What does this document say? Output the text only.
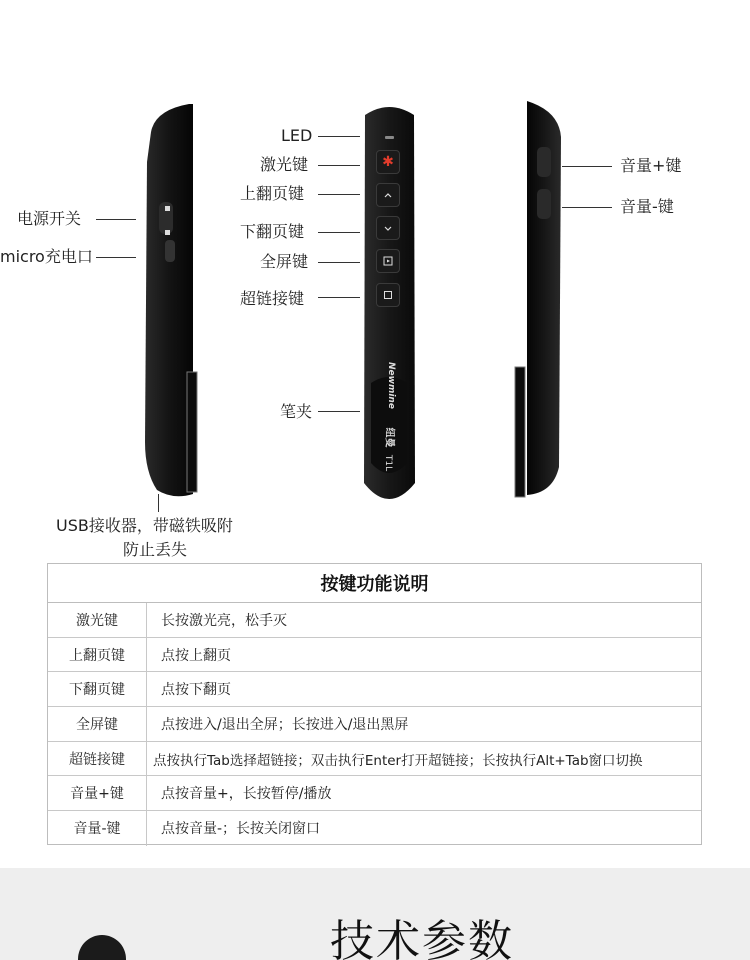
Newmine
纽曼
T1L
✱
LED
激光键
上翻页键
下翻页键
全屏键
超链接键
笔夹
电源开关
micro充电口
USB接收器，带磁铁吸附
防止丢失
音量+键
音量-键
按键功能说明
激光键	长按激光亮，松手灭
上翻页键	点按上翻页
下翻页键	点按下翻页
全屏键	点按进入/退出全屏；长按进入/退出黑屏
超链接键	点按执行Tab选择超链接；双击执行Enter打开超链接；长按执行Alt+Tab窗口切换
音量+键	点按音量+，长按暂停/播放
音量-键	点按音量-；长按关闭窗口
技术参数
